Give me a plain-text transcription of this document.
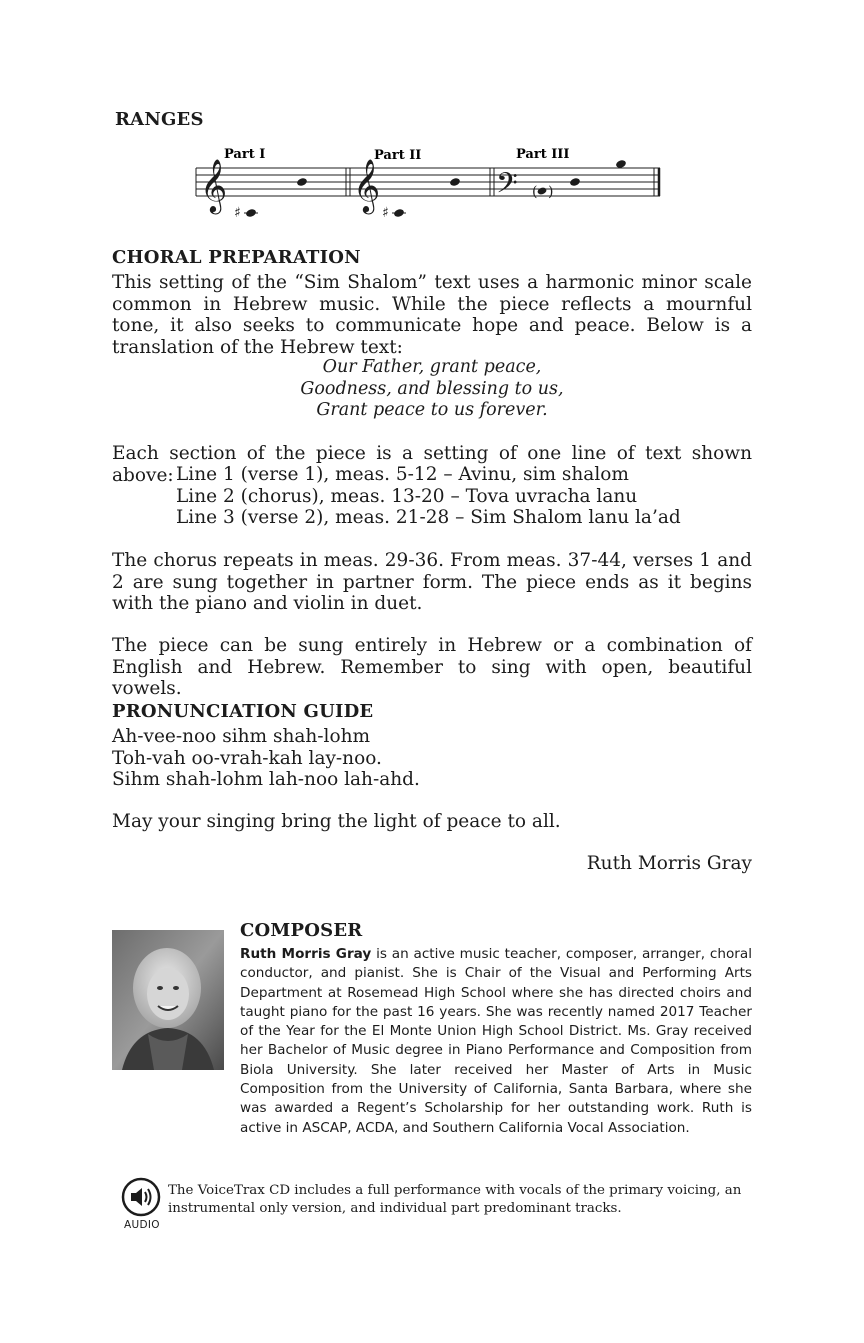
RANGES
Part I	Part II	Part III
𝄞
♯
𝄞
♯
𝄢 ( )
CHORAL PREPARATION

This setting of the “Sim Shalom” text uses a harmonic minor scale common in Hebrew music. While the piece reflects a mournful tone, it also seeks to communicate hope and peace. Below is a translation of the Hebrew text:

Our Father, grant peace,
Goodness, and blessing to us,
Grant peace to us forever.

Each section of the piece is a setting of one line of text shown above: Line 1 (verse 1), meas. 5-12 – Avinu, sim shalom
Line 2 (chorus), meas. 13-20 – Tova uvracha lanu
Line 3 (verse 2), meas. 21-28 – Sim Shalom lanu la’ad

The chorus repeats in meas. 29-36. From meas. 37-44, verses 1 and 2 are sung together in partner form. The piece ends as it begins with the piano and violin in duet.

The piece can be sung entirely in Hebrew or a combination of English and Hebrew. Remember to sing with open, beautiful vowels.

PRONUNCIATION GUIDE
Ah-vee-noo sihm shah-lohm
Toh-vah oo-vrah-kah lay-noo.
Sihm shah-lohm lah-noo lah-ahd.

May your singing bring the light of peace to all.

Ruth Morris Gray
COMPOSER

Ruth Morris Gray is an active music teacher, composer, arranger, choral conductor, and pianist. She is Chair of the Visual and Performing Arts Department at Rosemead High School where she has directed choirs and taught piano for the past 16 years. She was recently named 2017 Teacher of the Year for the El Monte Union High School District. Ms. Gray received her Bachelor of Music degree in Piano Performance and Composition from Biola University. She later received her Master of Arts in Music Composition from the University of California, Santa Barbara, where she was awarded a Regent’s Scholarship for her outstanding work. Ruth is active in ASCAP, ACDA, and Southern California Vocal Association.

AUDIO

The VoiceTrax CD includes a full performance with vocals of the primary voicing, an instrumental only version, and individual part predominant tracks.
